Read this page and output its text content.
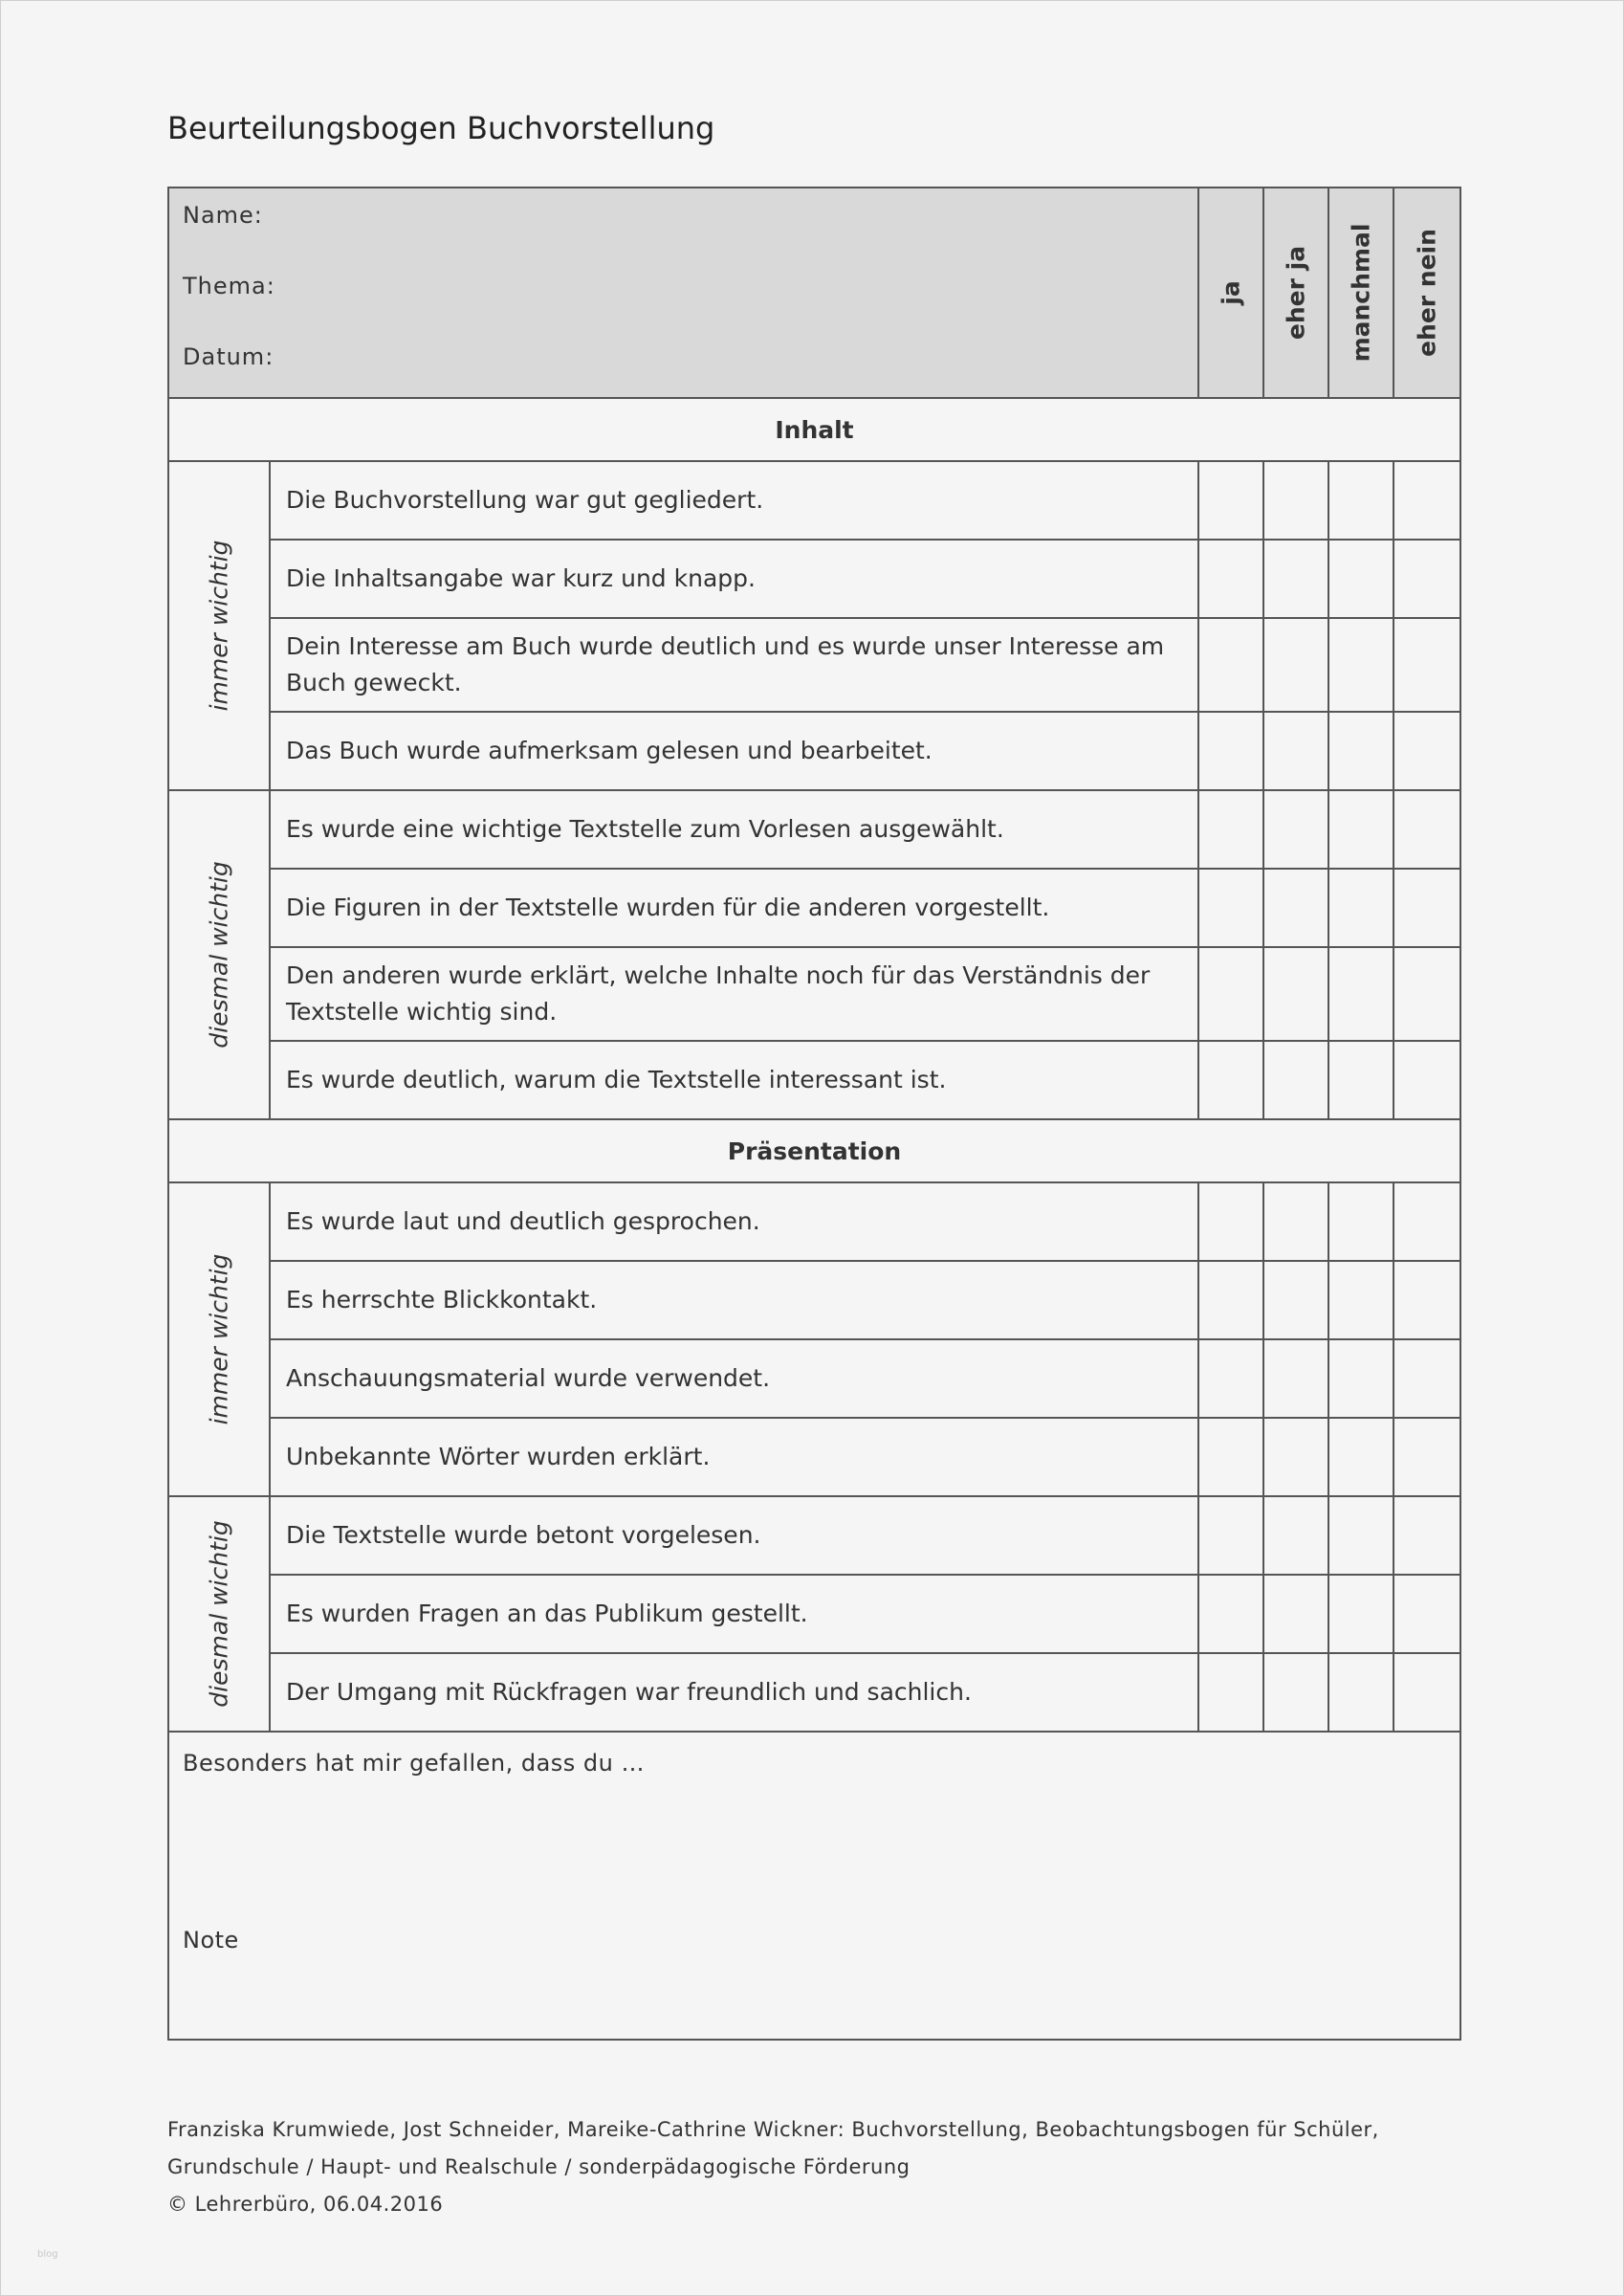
Beurteilungsbogen Buchvorstellung
Name:
Thema:
Datum:		ja	eher ja	manchmal	eher nein

Inhalt					

immer wichtig	Die Buchvorstellung war gut gegliedert.				
	Die Inhaltsangabe war kurz und knapp.				
	Dein Interesse am Buch wurde deutlich und es wurde unser Interesse am Buch geweckt.				
	Das Buch wurde aufmerksam gelesen und bearbeitet.				

diesmal wichtig	Es wurde eine wichtige Textstelle zum Vorlesen ausgewählt.				
	Die Figuren in der Textstelle wurden für die anderen vorgestellt.				
	Den anderen wurde erklärt, welche Inhalte noch für das Verständnis der Textstelle wichtig sind.				
	Es wurde deutlich, warum die Textstelle interessant ist.				
Präsentation					

immer wichtig	Es wurde laut und deutlich gesprochen.				
	Es herrschte Blickkontakt.				
	Anschauungsmaterial wurde verwendet.				
	Unbekannte Wörter wurden erklärt.				

diesmal wichtig	Die Textstelle wurde betont vorgelesen.				
	Es wurden Fragen an das Publikum gestellt.				
	Der Umgang mit Rückfragen war freundlich und sachlich.				

Besonders hat mir gefallen, dass du …
Note					
Franziska Krumwiede, Jost Schneider, Mareike-Cathrine Wickner: Buchvorstellung, Beobachtungsbogen für Schüler,
Grundschule / Haupt- und Realschule / sonderpädagogische Förderung
© Lehrerbüro, 06.04.2016
blog
